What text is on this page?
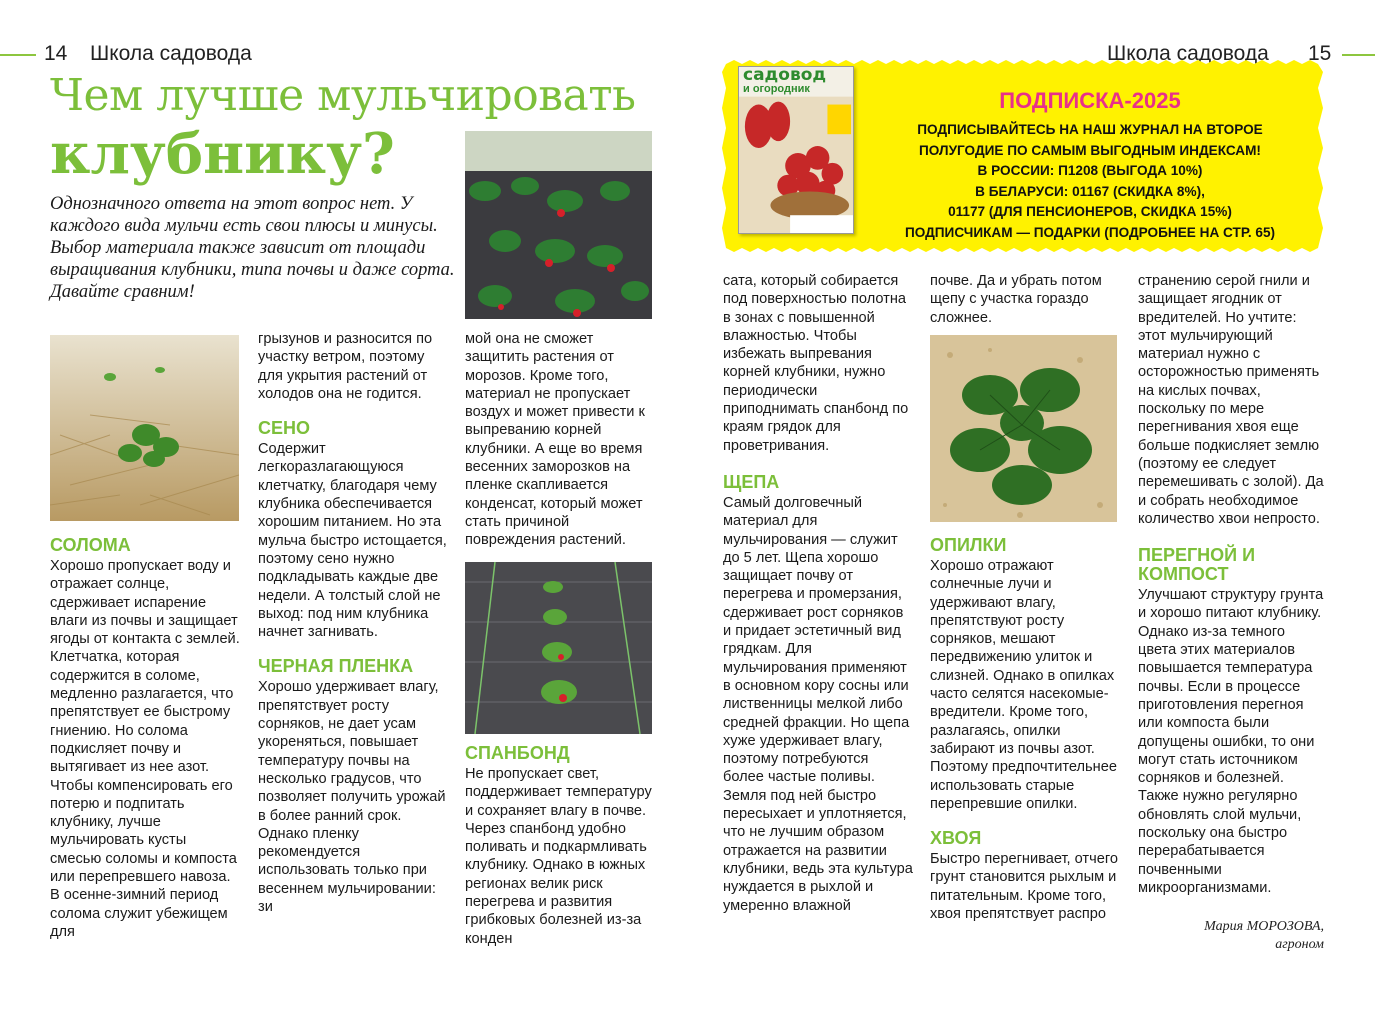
14 Школа садовода	Школа садовода 15
Чем лучше мульчировать
клубнику?
Однозначного ответа на этот вопрос нет. У каждого вида мульчи есть свои плюсы и минусы. Выбор материала также зависит от площади выращивания клубники, типа почвы и даже сорта. Давайте сравним!
СОЛОМА

Хорошо пропускает воду и отражает солнце, сдерживает испарение влаги из почвы и защищает ягоды от контакта с землей. Клетчатка, которая содержится в соломе, медленно разлагается, что препятствует ее быстрому гниению. Но солома подкисляет почву и вытягивает из нее азот. Чтобы компенсировать его потерю и подпитать клубнику, лучше мульчировать кусты смесью соломы и компоста или перепревшего навоза. В осенне-зимний период солома служит убежищем для

грызунов и разносится по участку ветром, поэтому для укрытия растений от холодов она не годится.

СЕНО

Содержит легкоразлагающуюся клетчатку, благодаря чему клубника обеспечивается хорошим питанием. Но эта мульча быстро истощается, поэтому сено нужно подкладывать каждые две недели. А толстый слой не выход: под ним клубника начнет загнивать.

ЧЕРНАЯ ПЛЕНКА

Хорошо удерживает влагу, препятствует росту сорняков, не дает усам укореняться, повышает температуру почвы на несколько градусов, что позволяет получить урожай в более ранний срок. Однако пленку рекомендуется использовать только при весеннем мульчировании: зи

мой она не сможет защитить растения от морозов. Кроме того, материал не пропускает воздух и может привести к выпреванию корней клубники. А еще во время весенних заморозков на пленке скапливается конденсат, который может стать причиной повреждения растений.

СПАНБОНД

Не пропускает свет, поддерживает температуру и сохраняет влагу в почве. Через спанбонд удобно поливать и подкармливать клубнику. Однако в южных регионах велик риск перегрева и развития грибковых болезней из-за конден

ПОДПИСКА-2025
ПОДПИСЫВАЙТЕСЬ НА НАШ ЖУРНАЛ НА ВТОРОЕ
ПОЛУГОДИЕ ПО САМЫМ ВЫГОДНЫМ ИНДЕКСАМ!
В РОССИИ: П1208 (ВЫГОДА 10%)
В БЕЛАРУСИ: 01167 (СКИДКА 8%),
01177 (ДЛЯ ПЕНСИОНЕРОВ, СКИДКА 15%)
ПОДПИСЧИКАМ — ПОДАРКИ (ПОДРОБНЕЕ НА СТР. 65)
садовод
и огородник

сата, который собирается под поверхностью полотна в зонах с повышенной влажностью. Чтобы избежать выпревания корней клубники, нужно периодически приподнимать спанбонд по краям грядок для проветривания.

ЩЕПА

Самый долговечный материал для мульчирования — служит до 5 лет. Щепа хорошо защищает почву от перегрева и промерзания, сдерживает рост сорняков и придает эстетичный вид грядкам. Для мульчирования применяют в основном кору сосны или лиственницы мелкой либо средней фракции. Но щепа хуже удерживает влагу, поэтому потребуются более частые поливы. Земля под ней быстро пересыхает и уплотняется, что не лучшим образом отражается на развитии клубники, ведь эта культура нуждается в рыхлой и умеренно влажной

почве. Да и убрать потом щепу с участка гораздо сложнее.

ОПИЛКИ

Хорошо отражают солнечные лучи и удерживают влагу, препятствуют росту сорняков, мешают передвижению улиток и слизней. Однако в опилках часто селятся насекомые-вредители. Кроме того, разлагаясь, опилки забирают из почвы азот. Поэтому предпочтительнее использовать старые перепревшие опилки.

ХВОЯ

Быстро перегнивает, отчего грунт становится рыхлым и питательным. Кроме того, хвоя препятствует распро

странению серой гнили и защищает ягодник от вредителей. Но учтите: этот мульчирующий материал нужно с осторожностью применять на кислых почвах, поскольку по мере перегнивания хвоя еще больше подкисляет землю (поэтому ее следует перемешивать с золой). Да и собрать необходимое количество хвои непросто.

ПЕРЕГНОЙ И КОМПОСТ

Улучшают структуру грунта и хорошо питают клубнику. Однако из-за темного цвета этих материалов повышается температура почвы. Если в процессе приготовления перегноя или компоста были допущены ошибки, то они могут стать источником сорняков и болезней. Также нужно регулярно обновлять слой мульчи, поскольку она быстро перерабатывается почвенными микроорганизмами.

Мария МОРОЗОВА,
агроном
